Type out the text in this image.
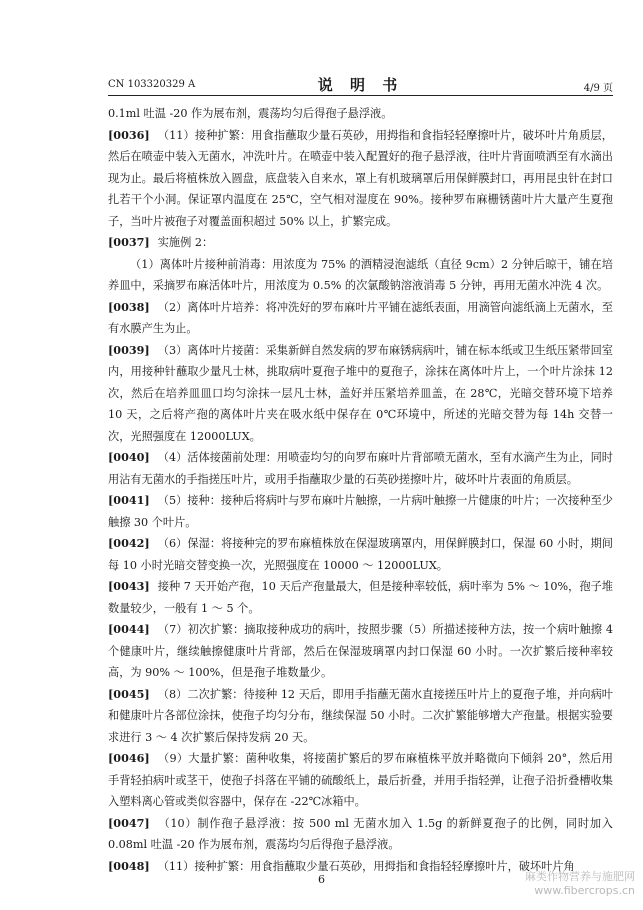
CN 103320329 A	说 明 书	4/9 页

0.1ml 吐温 -20 作为展布剂，震荡均匀后得孢子悬浮液。

[0036] （11）接种扩繁：用食指蘸取少量石英砂，用拇指和食指轻轻摩擦叶片，破坏叶片角质层，然后在喷壶中装入无菌水，冲洗叶片。在喷壶中装入配置好的孢子悬浮液，往叶片背面喷洒至有水滴出现为止。最后将植株放入圆盘，底盘装入自来水，罩上有机玻璃罩后用保鲜膜封口，再用昆虫针在封口扎若干个小洞。保证罩内温度在 25℃，空气相对湿度在 90%。接种罗布麻栅锈菌叶片大量产生夏孢子，当叶片被孢子对覆盖面积超过 50% 以上，扩繁完成。

[0037] 实施例 2：

（1）离体叶片接种前消毒：用浓度为 75% 的酒精浸泡滤纸（直径 9cm）2 分钟后晾干，铺在培养皿中，采摘罗布麻活体叶片，用浓度为 0.5% 的次氯酸钠溶液消毒 5 分钟，再用无菌水冲洗 4 次。

[0038] （2）离体叶片培养：将冲洗好的罗布麻叶片平铺在滤纸表面，用滴管向滤纸滴上无菌水，至有水膜产生为止。

[0039] （3）离体叶片接菌：采集新鲜自然发病的罗布麻锈病病叶，铺在标本纸或卫生纸压紧带回室内，用接种针蘸取少量凡士林，挑取病叶夏孢子堆中的夏孢子，涂抹在离体叶片上，一个叶片涂抹 12 次，然后在培养皿皿口均匀涂抹一层凡士林，盖好并压紧培养皿盖，在 28℃，光暗交替环境下培养 10 天，之后将产孢的离体叶片夹在吸水纸中保存在 0℃环境中，所述的光暗交替为每 14h 交替一次，光照强度在 12000LUX。

[0040] （4）活体接菌前处理：用喷壶均匀的向罗布麻叶片背部喷无菌水，至有水滴产生为止，同时用沾有无菌水的手指搓压叶片，或用手指蘸取少量的石英砂搓擦叶片，破坏叶片表面的角质层。

[0041] （5）接种：接种后将病叶与罗布麻叶片触擦，一片病叶触擦一片健康的叶片；一次接种至少触擦 30 个叶片。

[0042] （6）保湿：将接种完的罗布麻植株放在保湿玻璃罩内，用保鲜膜封口，保湿 60 小时，期间每 10 小时光暗交替变换一次，光照强度在 10000 ～ 12000LUX。

[0043] 接种 7 天开始产孢，10 天后产孢量最大，但是接种率较低，病叶率为 5% ～ 10%，孢子堆数量较少，一般有 1 ～ 5 个。

[0044] （7）初次扩繁：摘取接种成功的病叶，按照步骤（5）所描述接种方法，按一个病叶触擦 4 个健康叶片，继续触擦健康叶片背部，然后在保湿玻璃罩内封口保湿 60 小时。一次扩繁后接种率较高，为 90% ～ 100%，但是孢子堆数量少。

[0045] （8）二次扩繁：待接种 12 天后，即用手指蘸无菌水直接搓压叶片上的夏孢子堆，并向病叶和健康叶片各部位涂抹，使孢子均匀分布，继续保湿 50 小时。二次扩繁能够增大产孢量。根据实验要求进行 3 ～ 4 次扩繁后保持发病 20 天。

[0046] （9）大量扩繁：菌种收集，将接菌扩繁后的罗布麻植株平放并略微向下倾斜 20°，然后用手背轻拍病叶或茎干，使孢子抖落在平铺的硫酸纸上，最后折叠，并用手指轻弹，让孢子沿折叠槽收集入塑料离心管或类似容器中，保存在 -22℃冰箱中。

[0047] （10）制作孢子悬浮液：按 500 ml 无菌水加入 1.5g 的新鲜夏孢子的比例，同时加入 0.08ml 吐温 -20 作为展布剂，震荡均匀后得孢子悬浮液。

[0048] （11）接种扩繁：用食指蘸取少量石英砂，用拇指和食指轻轻摩擦叶片，破坏叶片角

6	麻类作物营养与施肥网
www.fibercrops.cn
